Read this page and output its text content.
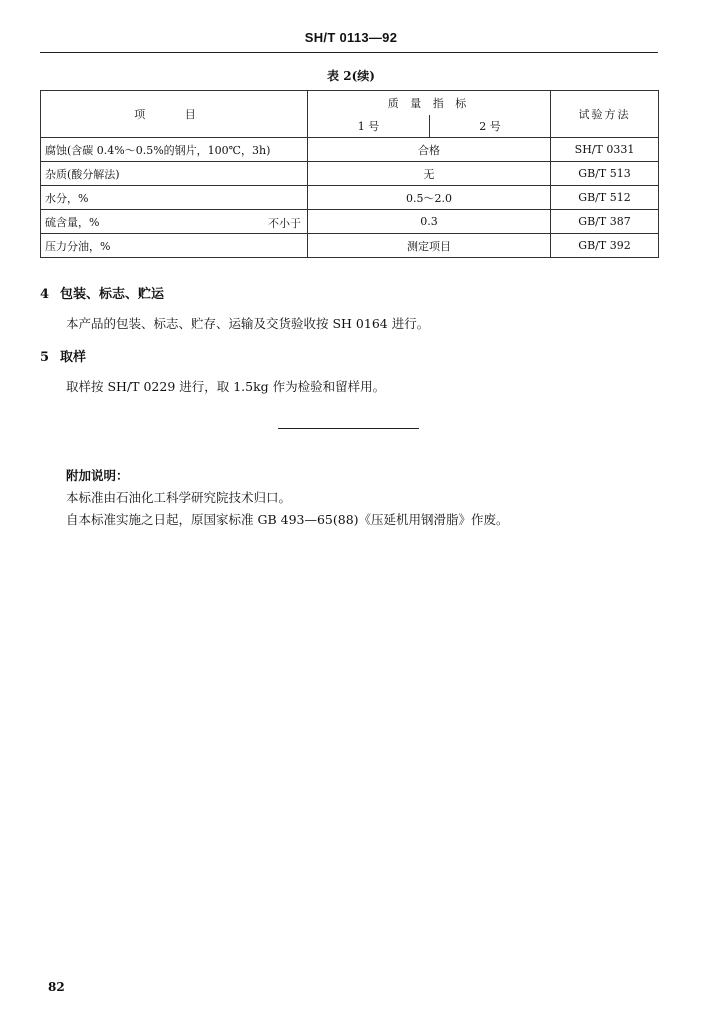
SH/T 0113—92
表 2(续)
项 目	质 量 指 标		试验方法
	1 号	2 号	
腐蚀(含碳 0.4%～0.5%的钢片，100℃，3h)	合格		SH/T 0331
杂质(酸分解法)	无		GB/T 513
水分，%	0.5～2.0		GB/T 512
硫含量，% 不小于	0.3		GB/T 387
压力分油，%	测定项目		GB/T 392
4 包装、标志、贮运
本产品的包装、标志、贮存、运输及交货验收按 SH 0164 进行。
5 取样
取样按 SH/T 0229 进行，取 1.5kg 作为检验和留样用。
附加说明：
本标准由石油化工科学研究院技术归口。
自本标准实施之日起，原国家标准 GB 493—65(88)《压延机用钢滑脂》作废。
82
